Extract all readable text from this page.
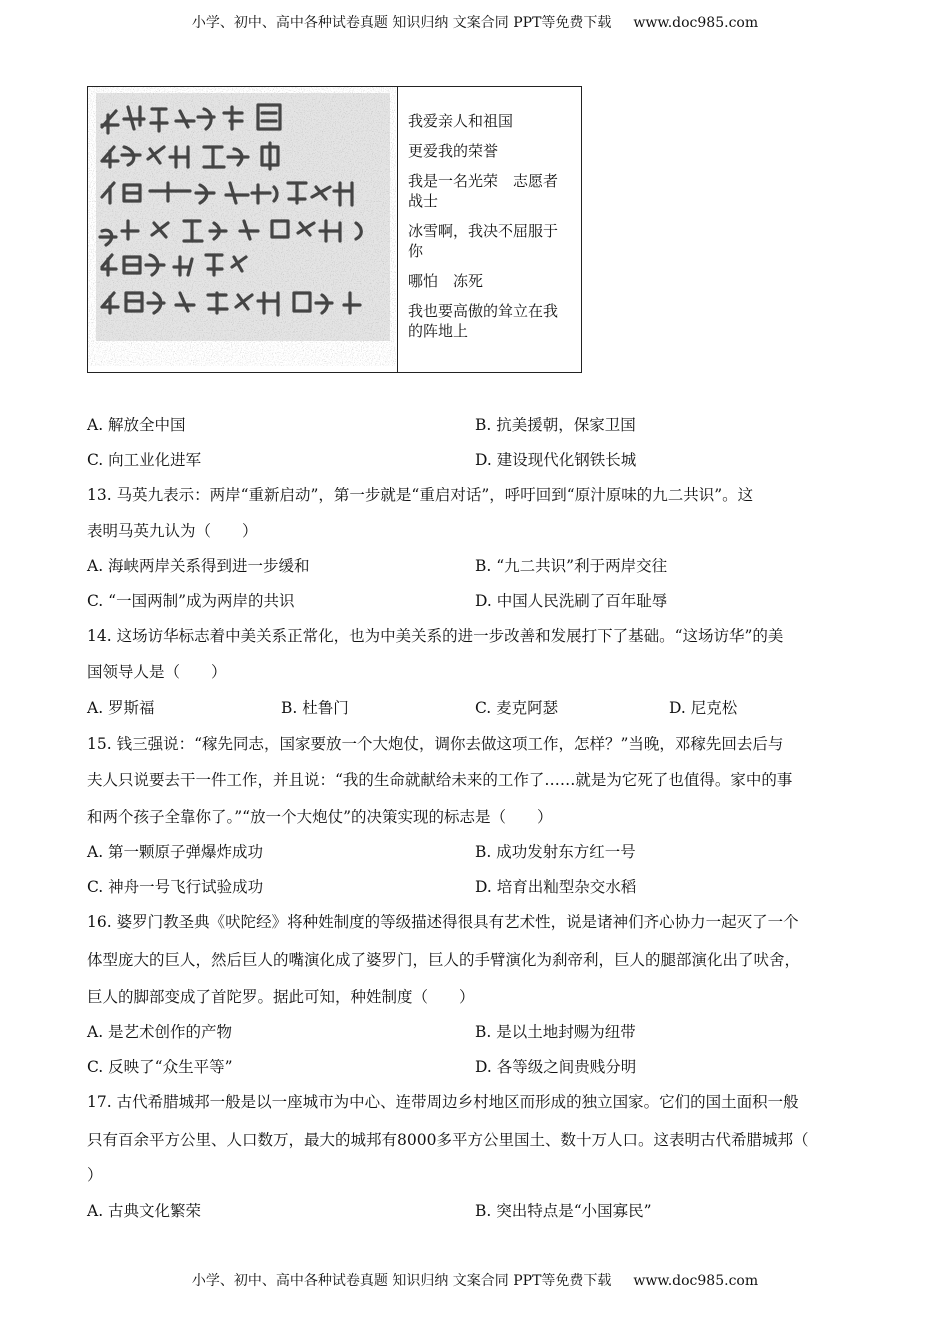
小学、初中、高中各种试卷真题 知识归纳 文案合同 PPT等免费下载 www.doc985.com
我爱亲人和祖国
更爱我的荣誉
我是一名光荣　志愿者战士
冰雪啊，我决不屈服于你
哪怕　冻死
我也要高傲的耸立在我的阵地上
A. 解放全中国	B. 抗美援朝，保家卫国
C. 向工业化进军	D. 建设现代化钢铁长城
13. 马英九表示：两岸“重新启动”，第一步就是“重启对话”，呼吁回到“原汁原味的九二共识”。这
表明马英九认为（　　）
A. 海峡两岸关系得到进一步缓和	B. “九二共识”利于两岸交往
C. “一国两制”成为两岸的共识	D. 中国人民洗刷了百年耻辱
14. 这场访华标志着中美关系正常化，也为中美关系的进一步改善和发展打下了基础。“这场访华”的美
国领导人是（　　）
A. 罗斯福	B. 杜鲁门	C. 麦克阿瑟	D. 尼克松
15. 钱三强说：“稼先同志，国家要放一个大炮仗，调你去做这项工作，怎样？”当晚，邓稼先回去后与
夫人只说要去干一件工作，并且说：“我的生命就献给未来的工作了……就是为它死了也值得。家中的事
和两个孩子全靠你了。”“放一个大炮仗”的决策实现的标志是（　　）
A. 第一颗原子弹爆炸成功	B. 成功发射东方红一号
C. 神舟一号飞行试验成功	D. 培育出籼型杂交水稻
16. 婆罗门教圣典《吠陀经》将种姓制度的等级描述得很具有艺术性，说是诸神们齐心协力一起灭了一个
体型庞大的巨人，然后巨人的嘴演化成了婆罗门，巨人的手臂演化为刹帝利，巨人的腿部演化出了吠舍，
巨人的脚部变成了首陀罗。据此可知，种姓制度（　　）
A. 是艺术创作的产物	B. 是以土地封赐为纽带
C. 反映了“众生平等”	D. 各等级之间贵贱分明
17. 古代希腊城邦一般是以一座城市为中心、连带周边乡村地区而形成的独立国家。它们的国土面积一般
只有百余平方公里、人口数万，最大的城邦有8000多平方公里国土、数十万人口。这表明古代希腊城邦（
）
A. 古典文化繁荣	B. 突出特点是“小国寡民”
小学、初中、高中各种试卷真题 知识归纳 文案合同 PPT等免费下载 www.doc985.com
